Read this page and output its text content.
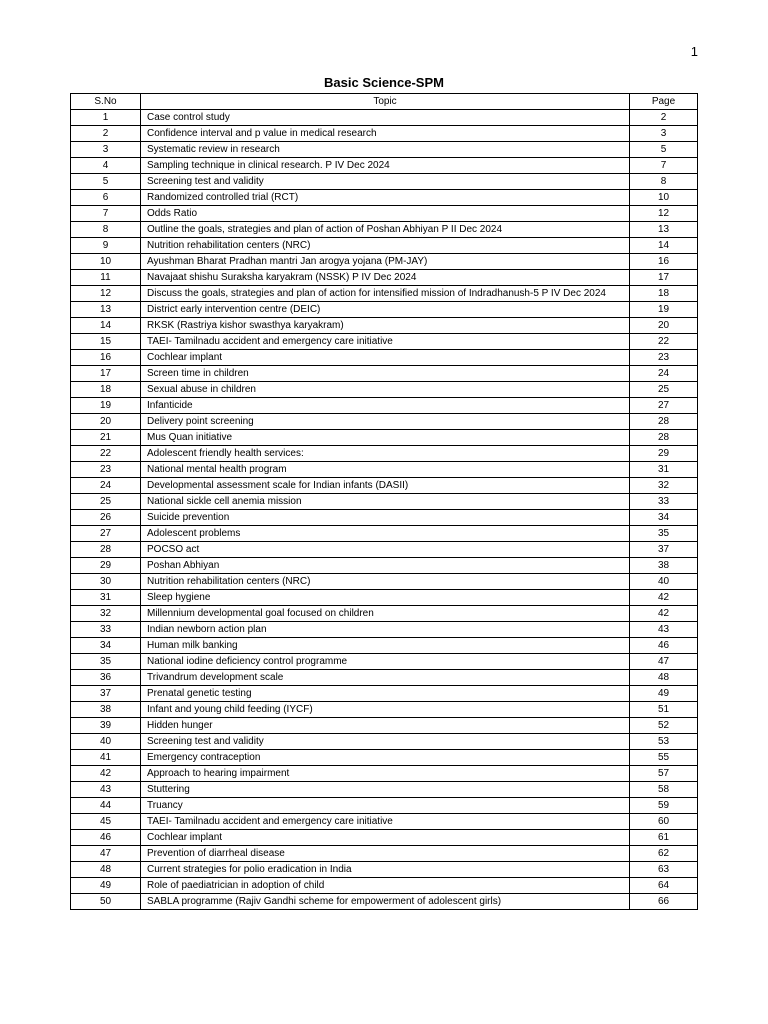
1
Basic Science-SPM
S.No	Topic	Page
1	Case control study	2
2	Confidence interval and p value in medical research	3
3	Systematic review in research	5
4	Sampling technique in clinical research. P IV Dec 2024	7
5	Screening test and validity	8
6	Randomized controlled trial (RCT)	10
7	Odds Ratio	12
8	Outline the goals, strategies and plan of action of Poshan Abhiyan P II Dec 2024	13
9	Nutrition rehabilitation centers (NRC)	14
10	Ayushman Bharat Pradhan mantri Jan arogya yojana (PM-JAY)	16
11	Navajaat shishu Suraksha karyakram (NSSK) P IV Dec 2024	17
12	Discuss the goals, strategies and plan of action for intensified mission of Indradhanush-5 P IV Dec 2024	18
13	District early intervention centre (DEIC)	19
14	RKSK (Rastriya kishor swasthya karyakram)	20
15	TAEI- Tamilnadu accident and emergency care initiative	22
16	Cochlear implant	23
17	Screen time in children	24
18	Sexual abuse in children	25
19	Infanticide	27
20	Delivery point screening	28
21	Mus Quan initiative	28
22	Adolescent friendly health services:	29
23	National mental health program	31
24	Developmental assessment scale for Indian infants (DASII)	32
25	National sickle cell anemia mission	33
26	Suicide prevention	34
27	Adolescent problems	35
28	POCSO act	37
29	Poshan Abhiyan	38
30	Nutrition rehabilitation centers (NRC)	40
31	Sleep hygiene	42
32	Millennium developmental goal focused on children	42
33	Indian newborn action plan	43
34	Human milk banking	46
35	National iodine deficiency control programme	47
36	Trivandrum development scale	48
37	Prenatal genetic testing	49
38	Infant and young child feeding (IYCF)	51
39	Hidden hunger	52
40	Screening test and validity	53
41	Emergency contraception	55
42	Approach to hearing impairment	57
43	Stuttering	58
44	Truancy	59
45	TAEI- Tamilnadu accident and emergency care initiative	60
46	Cochlear implant	61
47	Prevention of diarrheal disease	62
48	Current strategies for polio eradication in India	63
49	Role of paediatrician in adoption of child	64
50	SABLA programme (Rajiv Gandhi scheme for empowerment of adolescent girls)	66
